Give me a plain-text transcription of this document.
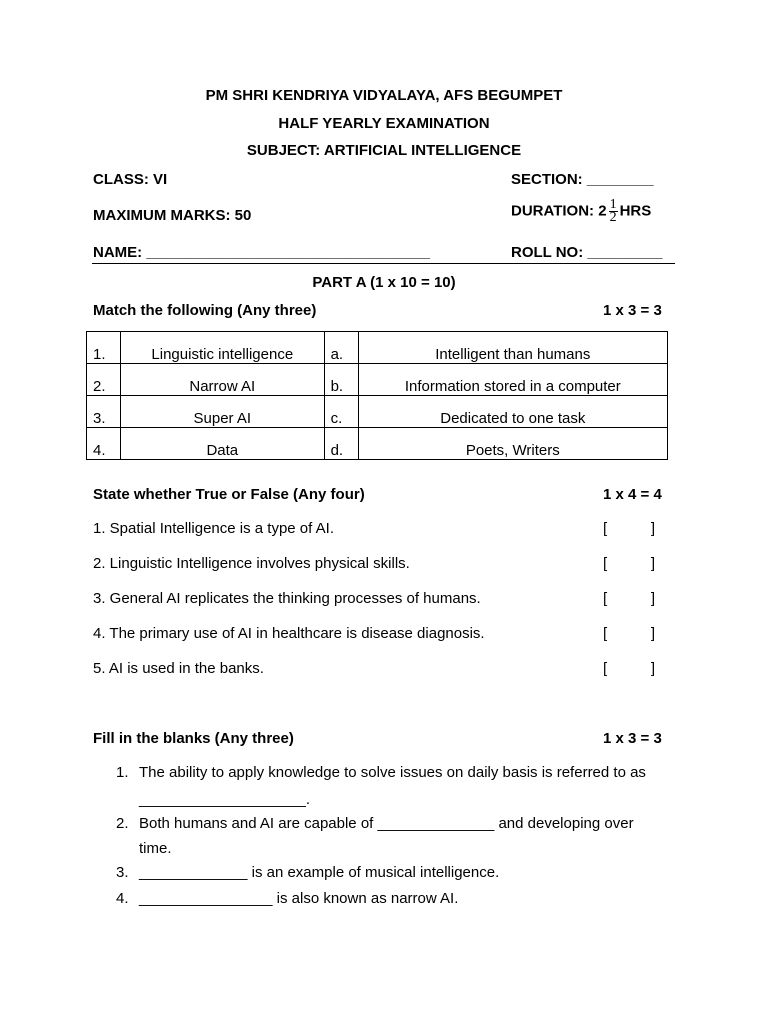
PM SHRI KENDRIYA VIDYALAYA, AFS BEGUMPET
HALF YEARLY EXAMINATION
SUBJECT: ARTIFICIAL INTELLIGENCE
CLASS: VI	SECTION: ________
MAXIMUM MARKS: 50	DURATION: $2 \frac{1}{2}$ HRS
NAME: __________________________________	ROLL NO: _________
PART A (1 x 10 = 10)
Match the following (Any three)	1 x 3 = 3
1.	Linguistic intelligence	a.	Intelligent than humans
2.	Narrow AI	b.	Information stored in a computer
3.	Super AI	c.	Dedicated to one task
4.	Data	d.	Poets, Writers
State whether True or False (Any four)	1 x 4 = 4
1. Spatial Intelligence is a type of AI.	[	]
2. Linguistic Intelligence involves physical skills.	[	]
3. General AI replicates the thinking processes of humans.	[	]
4. The primary use of AI in healthcare is disease diagnosis.	[	]
5. AI is used in the banks.	[	]
Fill in the blanks (Any three)	1 x 3 = 3
1. The ability to apply knowledge to solve issues on daily basis is referred to as
____________________.
2. Both humans and AI are capable of ______________ and developing over
time.
3. _____________ is an example of musical intelligence.
4. ________________ is also known as narrow AI.
